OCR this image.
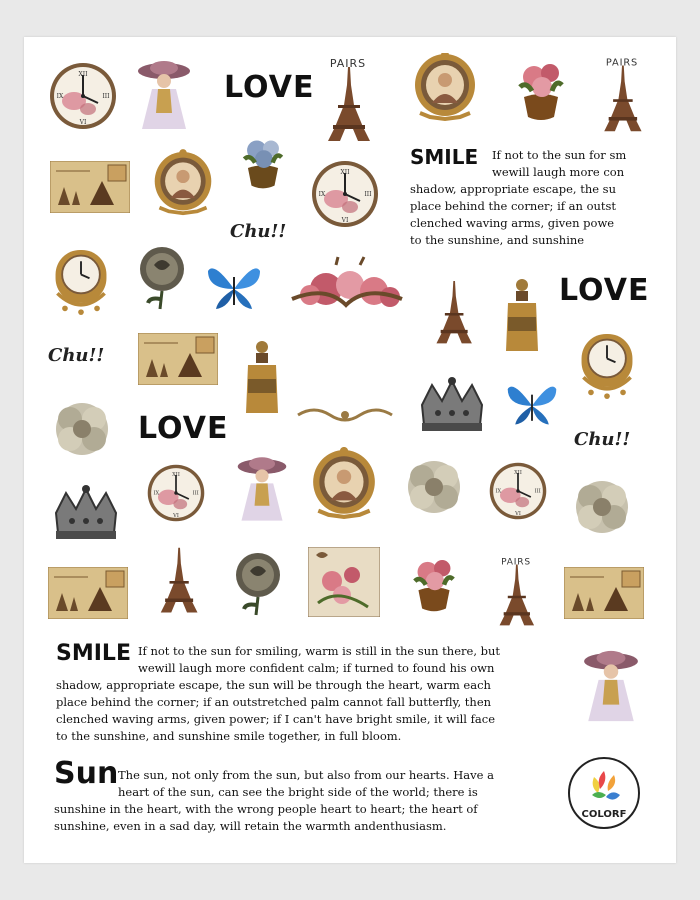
LOVE
PAIRS	PAIRS
Chu!!
SMILE	If not to the sun for sm

wewill laugh more con

shadow, appropriate escape, the su

place behind the corner; if an outst

clenched waving arms, given powe

to the sunshine, and sunshine

LOVE
Chu!!
LOVE	Chu!!
PAIRS
SMILE If not to the sun for smiling, warm is still in the sun there, but

wewill laugh more confident calm; if turned to found his own

shadow, appropriate escape, the sun will be through the heart, warm each

place behind the corner; if an outstretched palm cannot fall butterfly, then

clenched waving arms, given power; if I can't have bright smile, it will face

to the sunshine, and sunshine smile together, in full bloom.

Sun The sun, not only from the sun, but also from our hearts. Have a

heart of the sun, can see the bright side of the world; there is

sunshine in the heart, with the wrong people heart to heart; the heart of

sunshine, even in a sad day, will retain the warmth andenthusiasm.

COLORF
